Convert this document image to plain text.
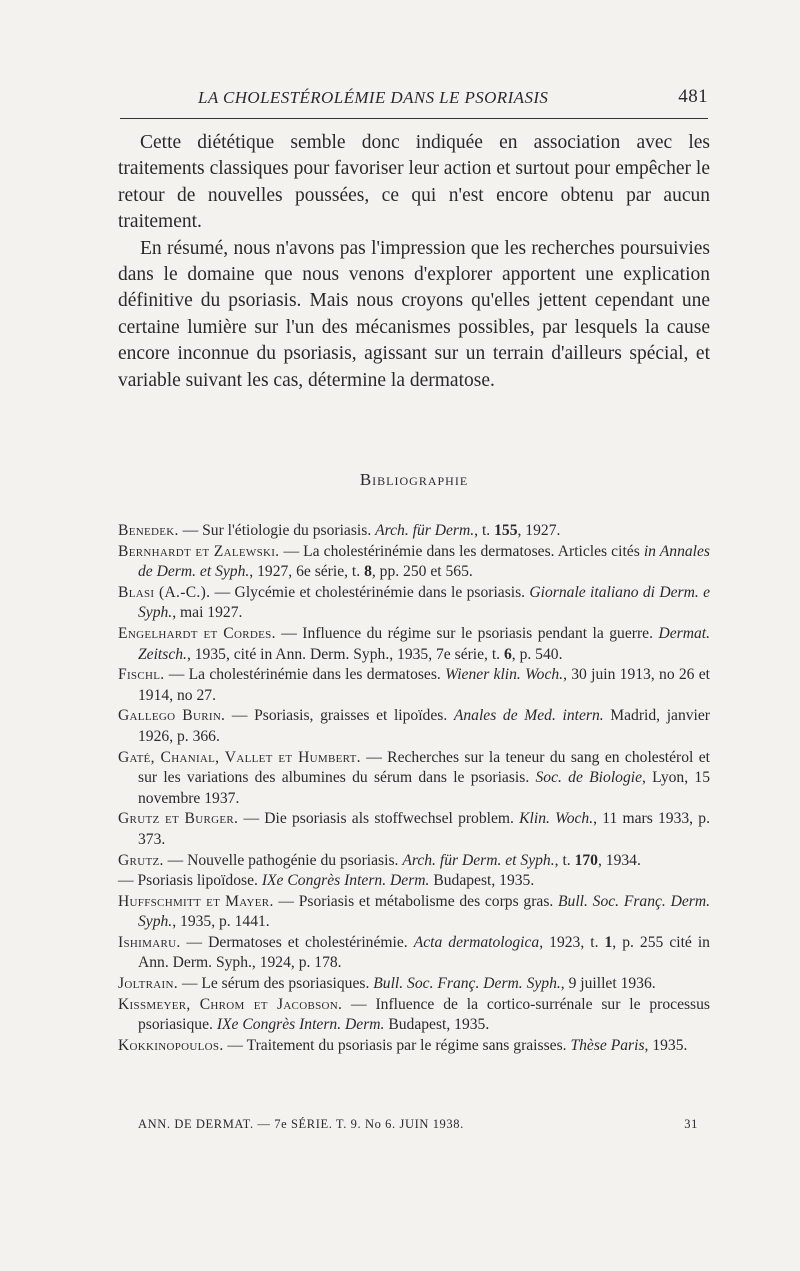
LA CHOLESTÉROLÉMIE DANS LE PSORIASIS	481

Cette diététique semble donc indiquée en association avec les traitements classiques pour favoriser leur action et surtout pour empêcher le retour de nouvelles poussées, ce qui n'est encore obtenu par aucun traitement.

En résumé, nous n'avons pas l'impression que les recherches poursuivies dans le domaine que nous venons d'explorer apportent une explication définitive du psoriasis. Mais nous croyons qu'elles jettent cependant une certaine lumière sur l'un des mécanismes possibles, par lesquels la cause encore inconnue du psoriasis, agissant sur un terrain d'ailleurs spécial, et variable suivant les cas, détermine la dermatose.

Bibliographie

Benedek. — Sur l'étiologie du psoriasis. Arch. für Derm., t. 155, 1927.

Bernhardt et Zalewski. — La cholestérinémie dans les dermatoses. Articles cités in Annales de Derm. et Syph., 1927, 6e série, t. 8, pp. 250 et 565.

Blasi (A.-C.). — Glycémie et cholestérinémie dans le psoriasis. Giornale italiano di Derm. e Syph., mai 1927.

Engelhardt et Cordes. — Influence du régime sur le psoriasis pendant la guerre. Dermat. Zeitsch., 1935, cité in Ann. Derm. Syph., 1935, 7e série, t. 6, p. 540.

Fischl. — La cholestérinémie dans les dermatoses. Wiener klin. Woch., 30 juin 1913, no 26 et 1914, no 27.

Gallego Burin. — Psoriasis, graisses et lipoïdes. Anales de Med. intern. Madrid, janvier 1926, p. 366.

Gaté, Chanial, Vallet et Humbert. — Recherches sur la teneur du sang en cholestérol et sur les variations des albumines du sérum dans le psoriasis. Soc. de Biologie, Lyon, 15 novembre 1937.

Grutz et Burger. — Die psoriasis als stoffwechsel problem. Klin. Woch., 11 mars 1933, p. 373.

Grutz. — Nouvelle pathogénie du psoriasis. Arch. für Derm. et Syph., t. 170, 1934.

— Psoriasis lipoïdose. IXe Congrès Intern. Derm. Budapest, 1935.

Huffschmitt et Mayer. — Psoriasis et métabolisme des corps gras. Bull. Soc. Franç. Derm. Syph., 1935, p. 1441.

Ishimaru. — Dermatoses et cholestérinémie. Acta dermatologica, 1923, t. 1, p. 255 cité in Ann. Derm. Syph., 1924, p. 178.

Joltrain. — Le sérum des psoriasiques. Bull. Soc. Franç. Derm. Syph., 9 juillet 1936.

Kissmeyer, Chrom et Jacobson. — Influence de la cortico-surrénale sur le processus psoriasique. IXe Congrès Intern. Derm. Budapest, 1935.

Kokkinopoulos. — Traitement du psoriasis par le régime sans graisses. Thèse Paris, 1935.

ANN. DE DERMAT. — 7e SÉRIE. T. 9. No 6. JUIN 1938.	31
